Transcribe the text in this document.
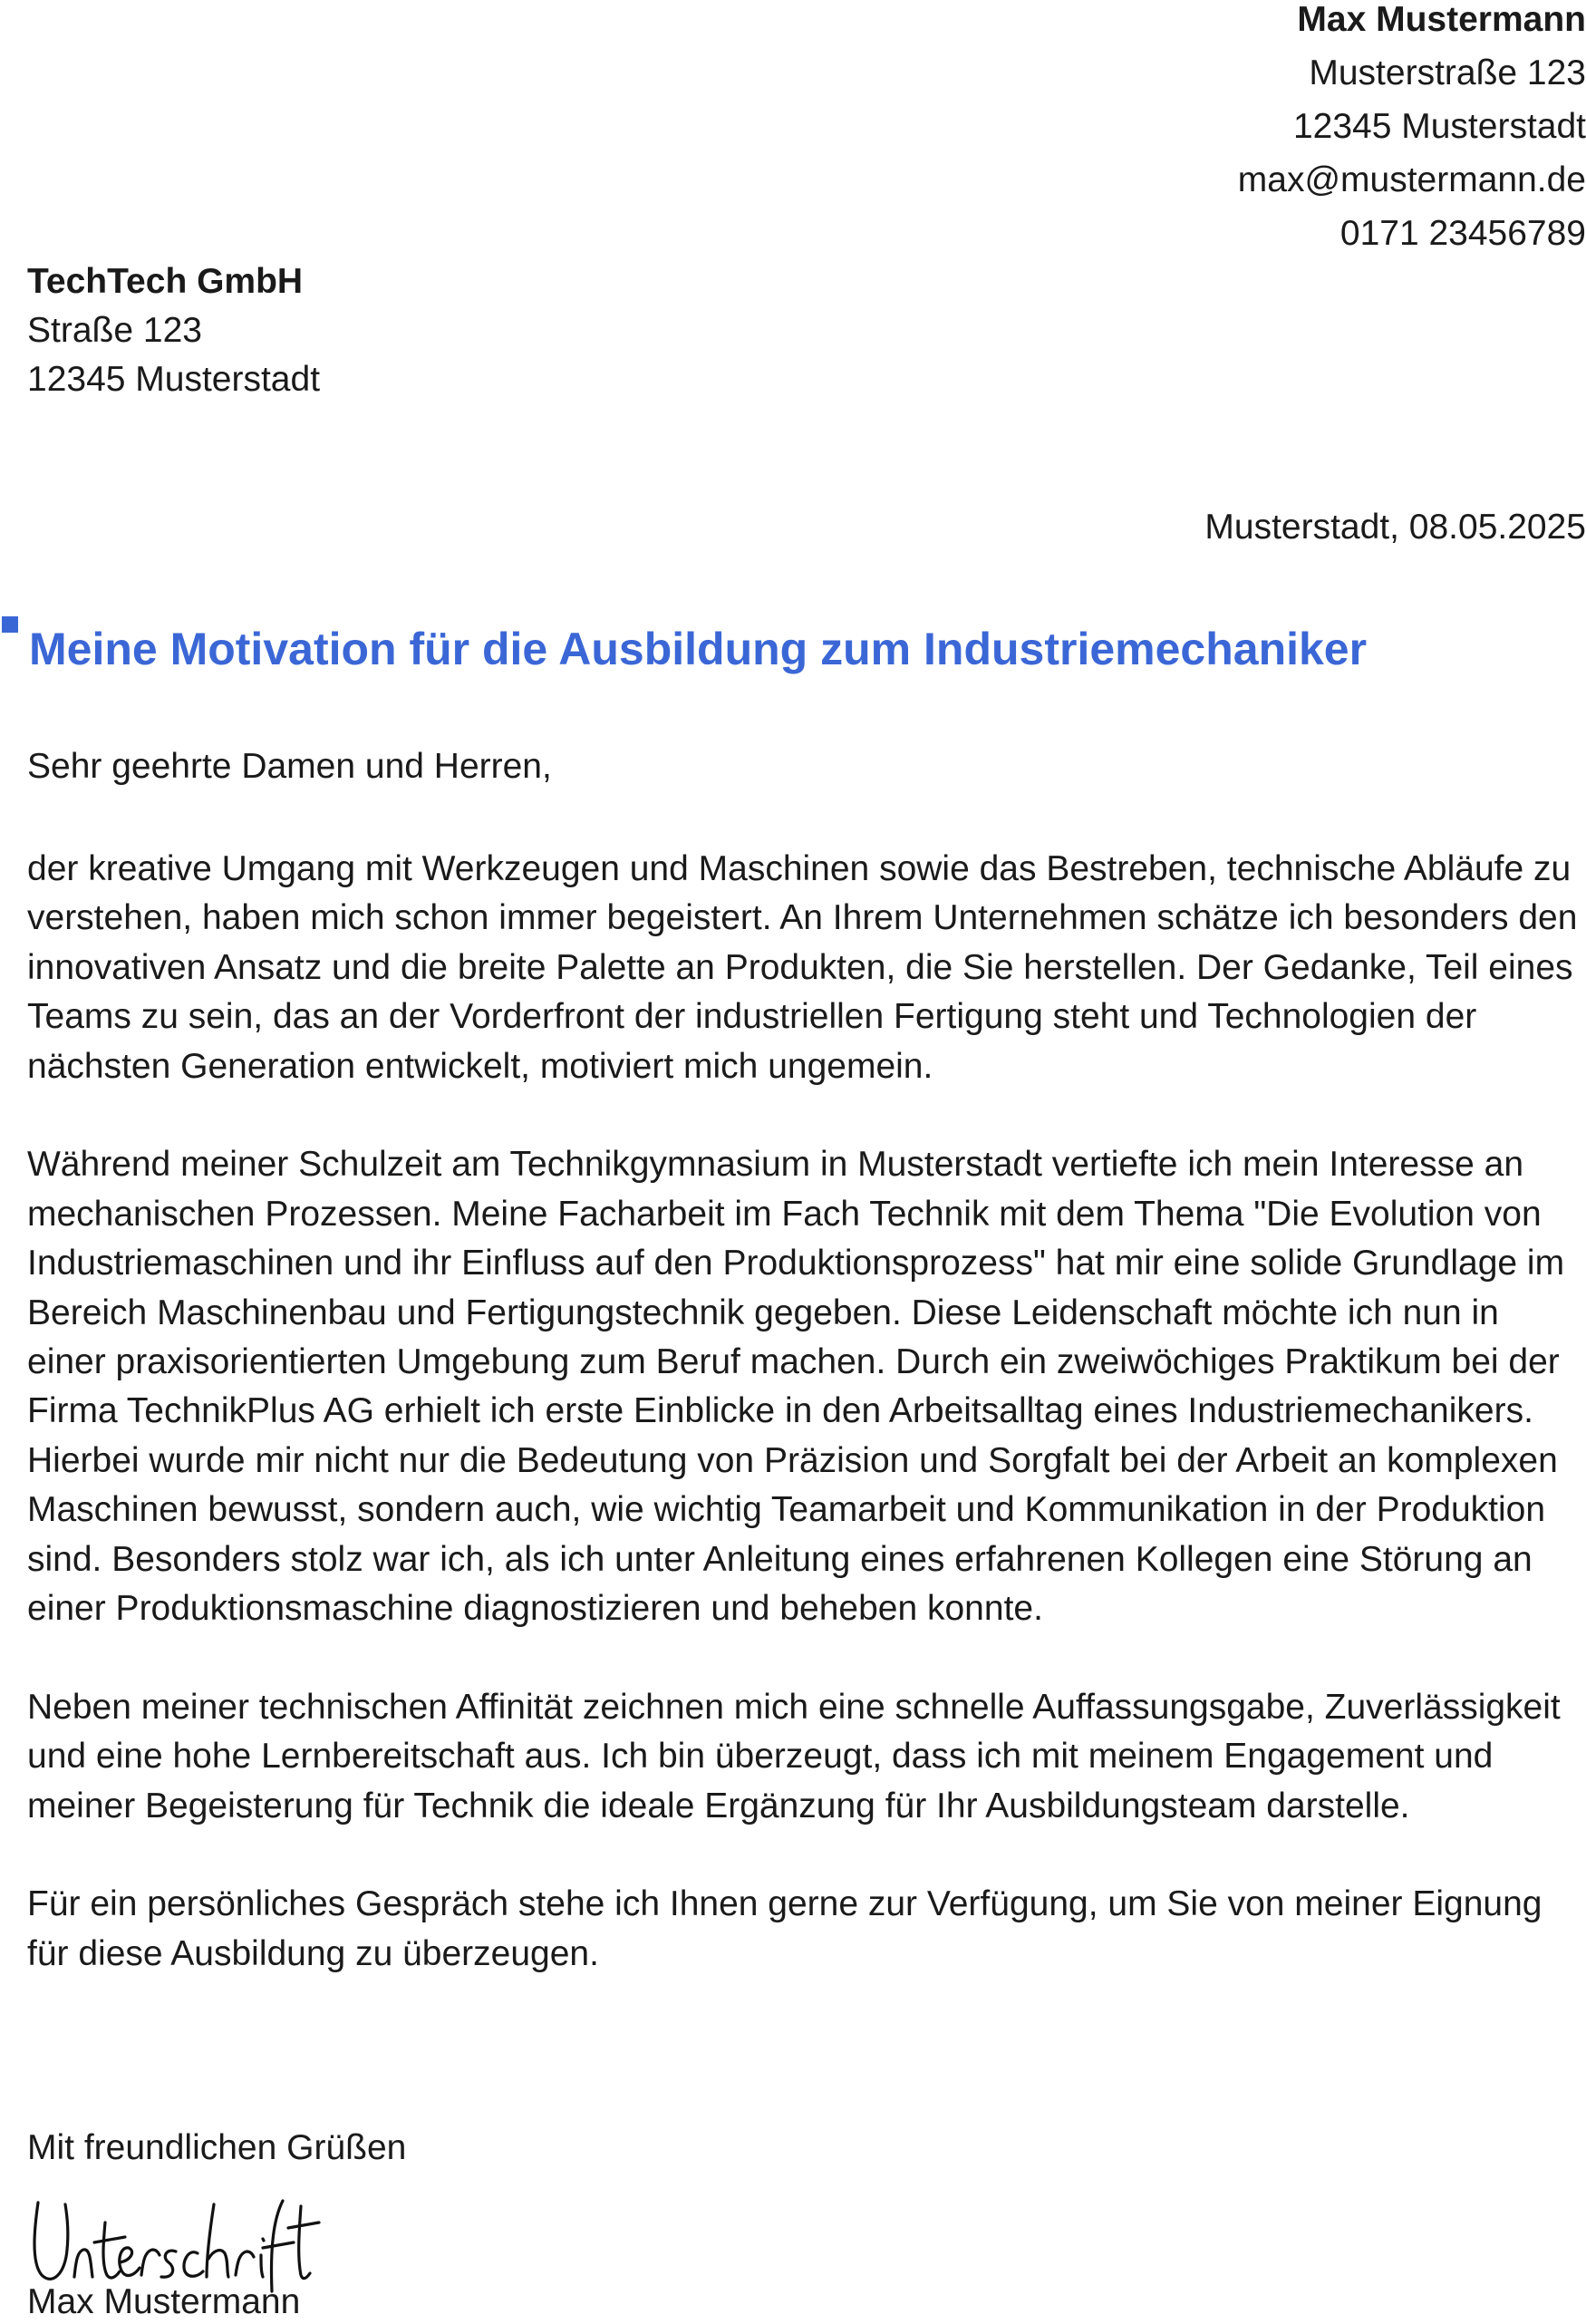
Max Mustermann
Musterstraße 123
12345 Musterstadt
max@mustermann.de
0171 23456789
TechTech GmbH
Straße 123
12345 Musterstadt
Musterstadt, 08.05.2025
Meine Motivation für die Ausbildung zum Industriemechaniker
Sehr geehrte Damen und Herren,

der kreative Umgang mit Werkzeugen und Maschinen sowie das Bestreben, technische Abläufe zu verstehen, haben mich schon immer begeistert. An Ihrem Unternehmen schätze ich besonders den innovativen Ansatz und die breite Palette an Produkten, die Sie herstellen. Der Gedanke, Teil eines Teams zu sein, das an der Vorderfront der industriellen Fertigung steht und Technologien der nächsten Generation entwickelt, motiviert mich ungemein.

Während meiner Schulzeit am Technikgymnasium in Musterstadt vertiefte ich mein Interesse an mechanischen Prozessen. Meine Facharbeit im Fach Technik mit dem Thema "Die Evolution von Industriemaschinen und ihr Einfluss auf den Produktionsprozess" hat mir eine solide Grundlage im Bereich Maschinenbau und Fertigungstechnik gegeben. Diese Leidenschaft möchte ich nun in einer praxisorientierten Umgebung zum Beruf machen. Durch ein zweiwöchiges Praktikum bei der Firma TechnikPlus AG erhielt ich erste Einblicke in den Arbeitsalltag eines Industriemechanikers. Hierbei wurde mir nicht nur die Bedeutung von Präzision und Sorgfalt bei der Arbeit an komplexen Maschinen bewusst, sondern auch, wie wichtig Teamarbeit und Kommunikation in der Produktion sind. Besonders stolz war ich, als ich unter Anleitung eines erfahrenen Kollegen eine Störung an einer Produktionsmaschine diagnostizieren und beheben konnte.

Neben meiner technischen Affinität zeichnen mich eine schnelle Auffassungsgabe, Zuverlässigkeit und eine hohe Lernbereitschaft aus. Ich bin überzeugt, dass ich mit meinem Engagement und meiner Begeisterung für Technik die ideale Ergänzung für Ihr Ausbildungsteam darstelle.

Für ein persönliches Gespräch stehe ich Ihnen gerne zur Verfügung, um Sie von meiner Eignung für diese Ausbildung zu überzeugen.

Mit freundlichen Grüßen
Max Mustermann
